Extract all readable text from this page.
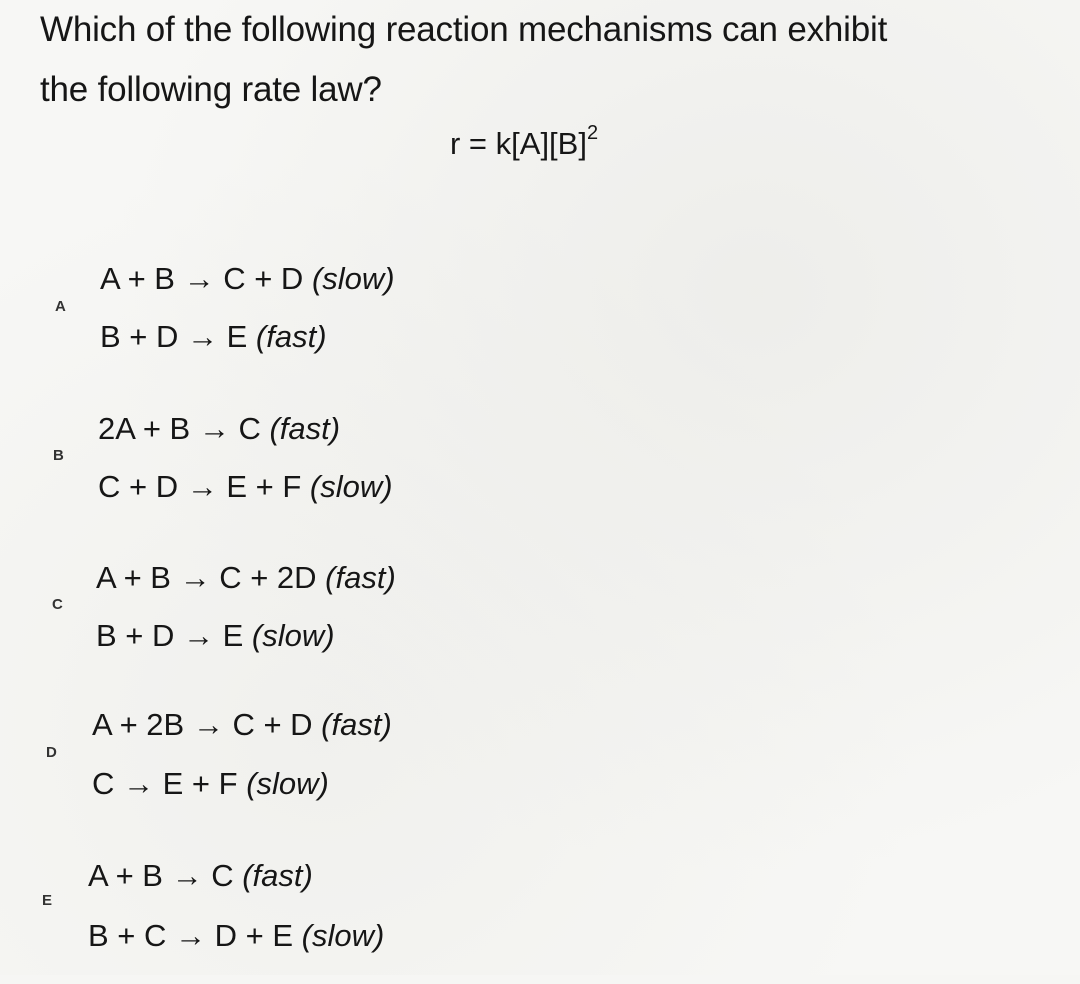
Which of the following reaction mechanisms can exhibit
the following rate law?
$r = k[A][B]^2$
A
A + B → C + D (slow)
B + D → E (fast)
B
2A + B → C (fast)
C + D → E + F (slow)
C
A + B → C + 2D (fast)
B + D → E (slow)
D
A + 2B → C + D (fast)
C → E + F (slow)
E
A + B → C (fast)
B + C → D + E (slow)
